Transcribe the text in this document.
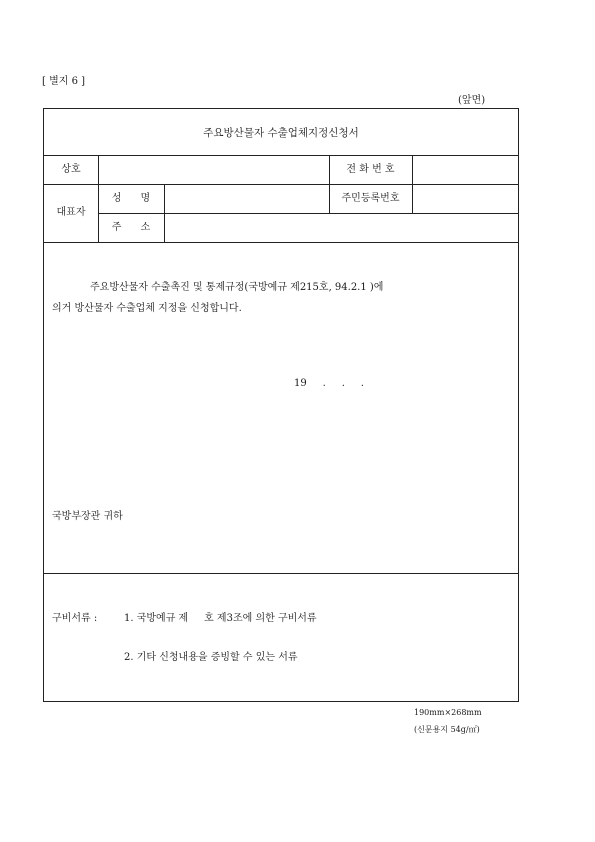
[ 별지 6 ]
(앞면)
주요방산물자 수출업체지정신청서
상호	전 화 번 호
대표자
성      명	주민등록번호
주      소
주요방산물자 수출촉진 및 통제규정(국방예규 제215호, 94.2.1 )에
의거 방산물자 수출업체 지정을 신청합니다.
19     .     .     .
국방부장관 귀하
구비서류 :	1. 국방예규 제     호 제3조에 의한 구비서류
2. 기타 신청내용을 증빙할 수 있는 서류
190mm×268mm
(신문용지 54g/㎡)
